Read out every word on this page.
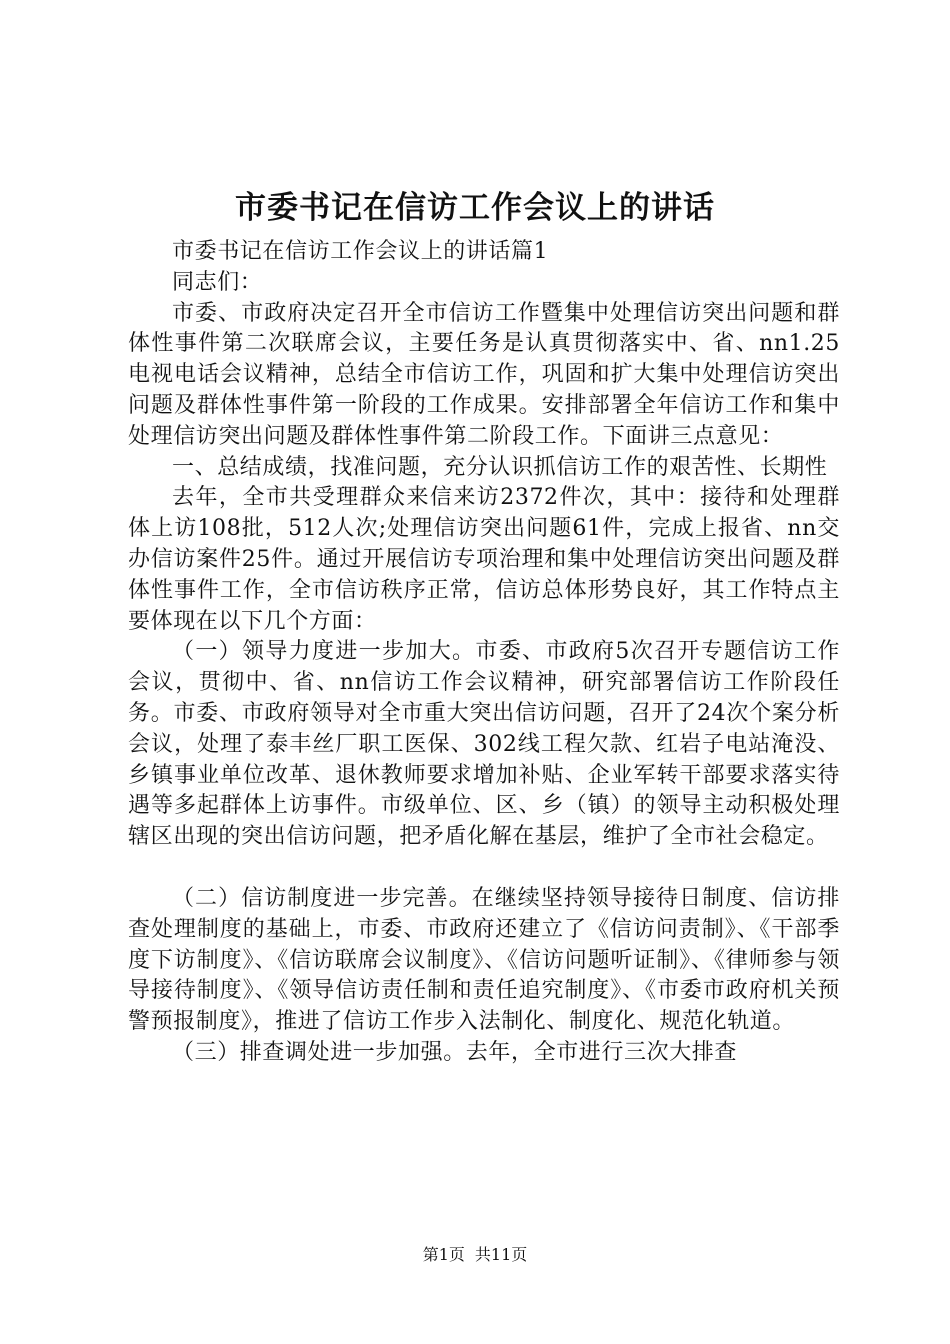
市委书记在信访工作会议上的讲话

市委书记在信访工作会议上的讲话篇1

同志们：

市委、市政府决定召开全市信访工作暨集中处理信访突出问题和群体性事件第二次联席会议，主要任务是认真贯彻落实中、省、nn1.25电视电话会议精神，总结全市信访工作，巩固和扩大集中处理信访突出问题及群体性事件第一阶段的工作成果。安排部署全年信访工作和集中处理信访突出问题及群体性事件第二阶段工作。下面讲三点意见：

一、总结成绩，找准问题，充分认识抓信访工作的艰苦性、长期性

去年，全市共受理群众来信来访2372件次，其中：接待和处理群体上访108批，512人次;处理信访突出问题61件，完成上报省、nn交办信访案件25件。通过开展信访专项治理和集中处理信访突出问题及群体性事件工作，全市信访秩序正常，信访总体形势良好，其工作特点主要体现在以下几个方面：

（一）领导力度进一步加大。市委、市政府5次召开专题信访工作会议，贯彻中、省、nn信访工作会议精神，研究部署信访工作阶段任务。市委、市政府领导对全市重大突出信访问题，召开了24次个案分析会议，处理了泰丰丝厂职工医保、302线工程欠款、红岩子电站淹没、乡镇事业单位改革、退休教师要求增加补贴、企业军转干部要求落实待遇等多起群体上访事件。市级单位、区、乡（镇）的领导主动积极处理辖区出现的突出信访问题，把矛盾化解在基层，维护了全市社会稳定。

（二）信访制度进一步完善。在继续坚持领导接待日制度、信访排查处理制度的基础上，市委、市政府还建立了《信访问责制》、《干部季度下访制度》、《信访联席会议制度》、《信访问题听证制》、《律师参与领导接待制度》、《领导信访责任制和责任追究制度》、《市委市政府机关预警预报制度》，推进了信访工作步入法制化、制度化、规范化轨道。

（三）排查调处进一步加强。去年，全市进行三次大排查

第1页 共11页
